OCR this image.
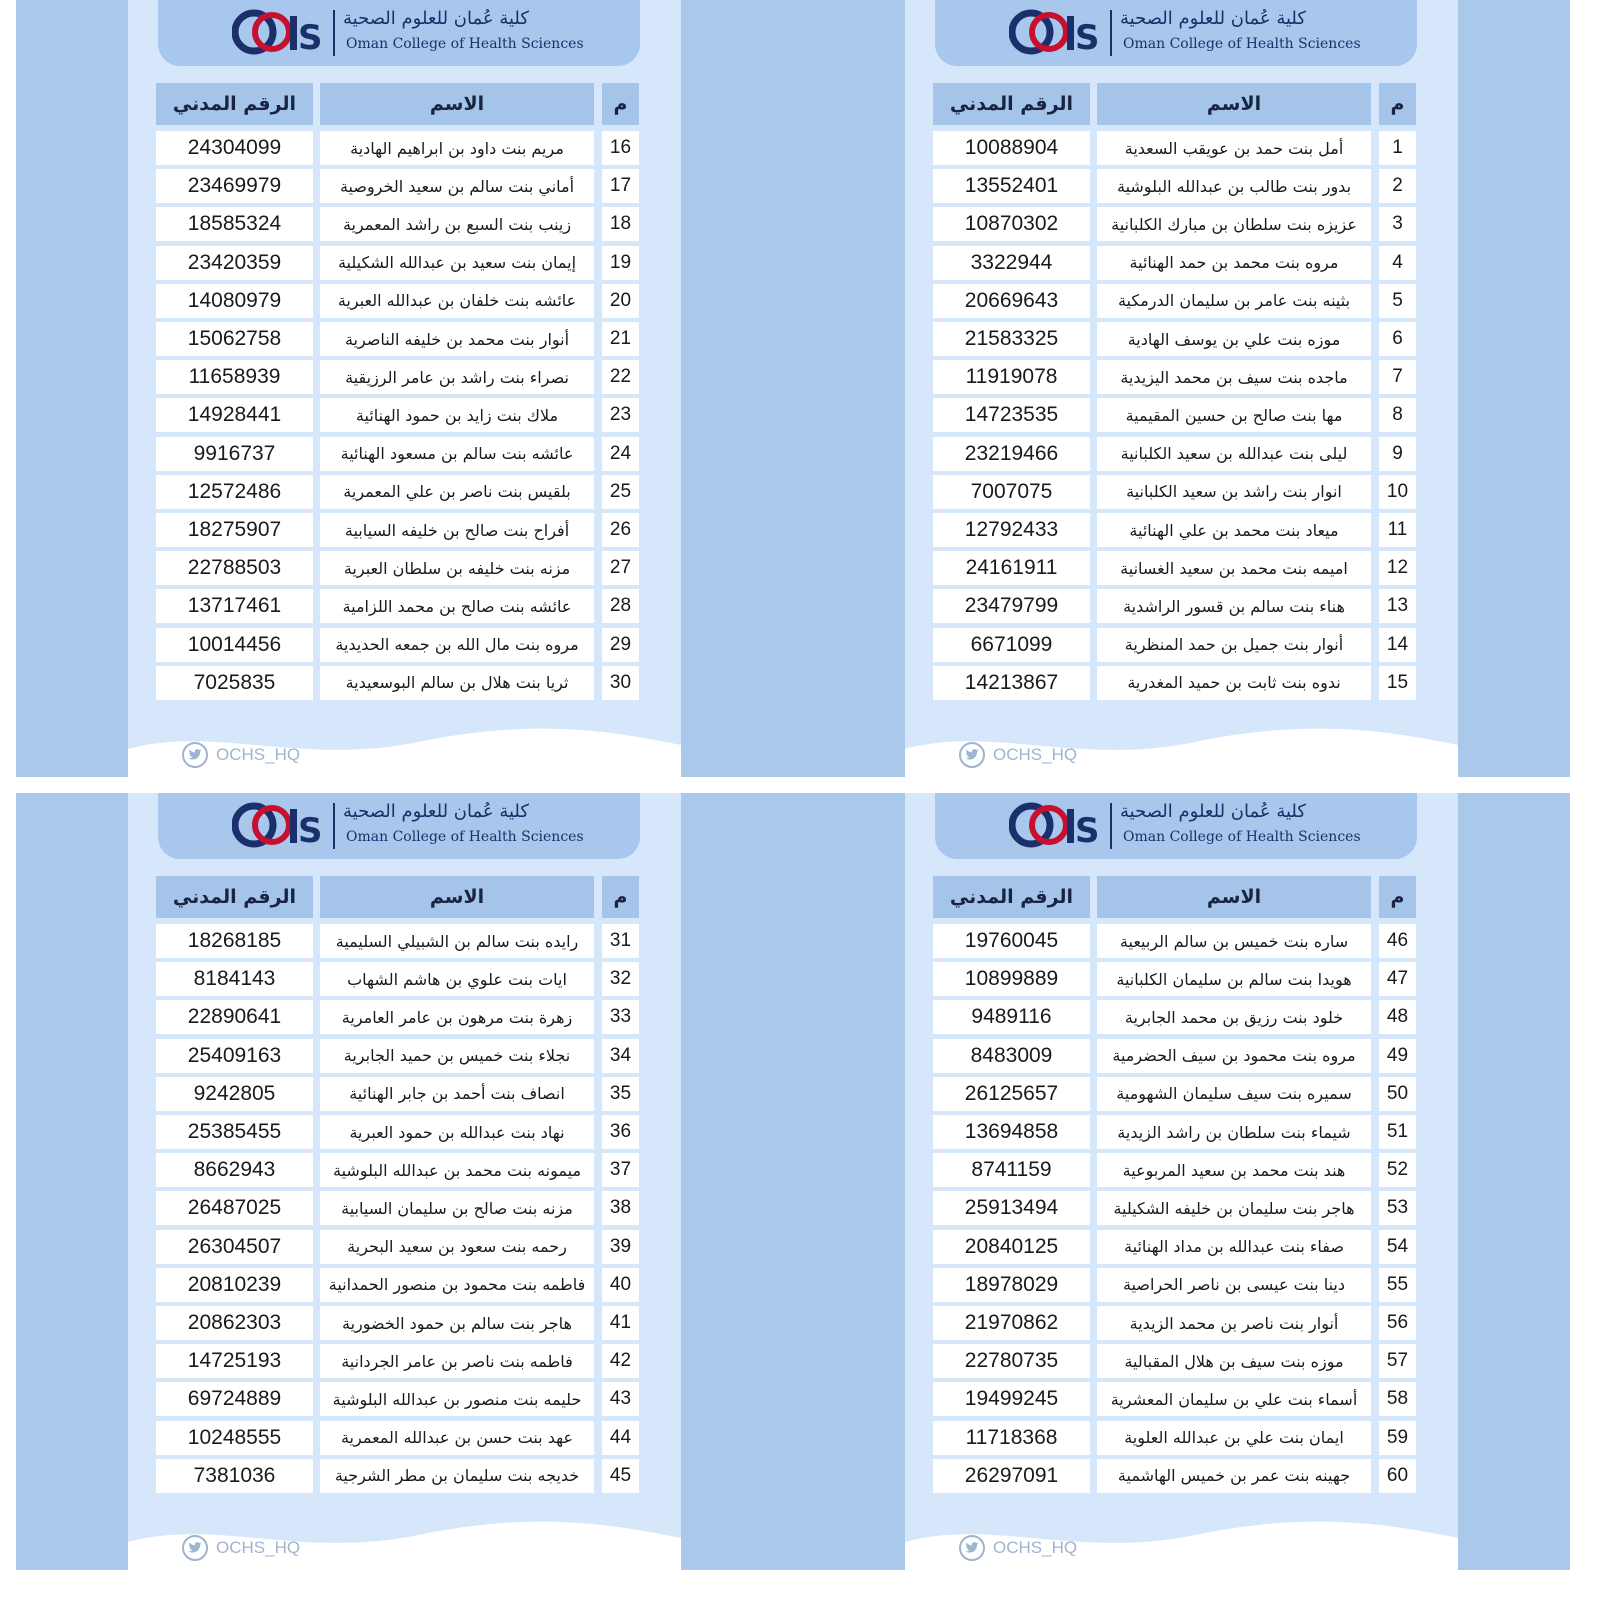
S كلية عُمان للعلوم الصحية
Oman College of Health Sciences
الرقم المدني	الاسم	م
10088904	أمل بنت حمد بن عويقب السعدية	1
13552401	بدور بنت طالب بن عبدالله البلوشية	2
10870302	عزيزه بنت سلطان بن مبارك الكلبانية	3
3322944	مروه بنت محمد بن حمد الهنائية	4
20669643	بثينه بنت عامر بن سليمان الدرمكية	5
21583325	موزه بنت علي بن يوسف الهادية	6
11919078	ماجده بنت سيف بن محمد اليزيدية	7
14723535	مها بنت صالح بن حسين المقيمية	8
23219466	ليلى بنت عبدالله بن سعيد الكلبانية	9
7007075	انوار بنت راشد بن سعيد الكلبانية	10
12792433	ميعاد بنت محمد بن علي الهنائية	11
24161911	اميمه بنت محمد بن سعيد الغسانية	12
23479799	هناء بنت سالم بن قسور الراشدية	13
6671099	أنوار بنت جميل بن حمد المنظرية	14
14213867	ندوه بنت ثابت بن حميد المغدرية	15
OCHS_HQ
S كلية عُمان للعلوم الصحية
Oman College of Health Sciences
الرقم المدني	الاسم	م
24304099	مريم بنت داود بن ابراهيم الهادية	16
23469979	أماني بنت سالم بن سعيد الخروصية	17
18585324	زينب بنت السبع بن راشد المعمرية	18
23420359	إيمان بنت سعيد بن عبدالله الشكيلية	19
14080979	عائشه بنت خلفان بن عبدالله العبرية	20
15062758	أنوار بنت محمد بن خليفه الناصرية	21
11658939	نصراء بنت راشد بن عامر الرزيقية	22
14928441	ملاك بنت زايد بن حمود الهنائية	23
9916737	عائشه بنت سالم بن مسعود الهنائية	24
12572486	بلقيس بنت ناصر بن علي المعمرية	25
18275907	أفراح بنت صالح بن خليفه السيابية	26
22788503	مزنه بنت خليفه بن سلطان العبرية	27
13717461	عائشه بنت صالح بن محمد اللزامية	28
10014456	مروه بنت مال الله بن جمعه الحديدية	29
7025835	ثريا بنت هلال بن سالم البوسعيدية	30
OCHS_HQ
S كلية عُمان للعلوم الصحية
Oman College of Health Sciences
الرقم المدني	الاسم	م
19760045	ساره بنت خميس بن سالم الربيعية	46
10899889	هويدا بنت سالم بن سليمان الكلبانية	47
9489116	خلود بنت رزيق بن محمد الجابرية	48
8483009	مروه بنت محمود بن سيف الحضرمية	49
26125657	سميره بنت سيف سليمان الشهومية	50
13694858	شيماء بنت سلطان بن راشد الزيدية	51
8741159	هند بنت محمد بن سعيد المربوعية	52
25913494	هاجر بنت سليمان بن خليفه الشكيلية	53
20840125	صفاء بنت عبدالله بن مداد الهنائية	54
18978029	دينا بنت عيسى بن ناصر الحراصية	55
21970862	أنوار بنت ناصر بن محمد الزيدية	56
22780735	موزه بنت سيف بن هلال المقبالية	57
19499245	أسماء بنت علي بن سليمان المعشرية	58
11718368	ايمان بنت علي بن عبدالله العلوية	59
26297091	جهينه بنت عمر بن خميس الهاشمية	60
OCHS_HQ
S كلية عُمان للعلوم الصحية
Oman College of Health Sciences
الرقم المدني	الاسم	م
18268185	رايده بنت سالم بن الشبيلي السليمية	31
8184143	ايات بنت علوي بن هاشم الشهاب	32
22890641	زهرة بنت مرهون بن عامر العامرية	33
25409163	نجلاء بنت خميس بن حميد الجابرية	34
9242805	انصاف بنت أحمد بن جابر الهنائية	35
25385455	نهاد بنت عبدالله بن حمود العبرية	36
8662943	ميمونه بنت محمد بن عبدالله البلوشية	37
26487025	مزنه بنت صالح بن سليمان السيابية	38
26304507	رحمه بنت سعود بن سعيد البحرية	39
20810239	فاطمه بنت محمود بن منصور الحمدانية	40
20862303	هاجر بنت سالم بن حمود الخضورية	41
14725193	فاطمه بنت ناصر بن عامر الجردانية	42
69724889	حليمه بنت منصور بن عبدالله البلوشية	43
10248555	عهد بنت حسن بن عبدالله المعمرية	44
7381036	خديجه بنت سليمان بن مطر الشرجية	45
OCHS_HQ
